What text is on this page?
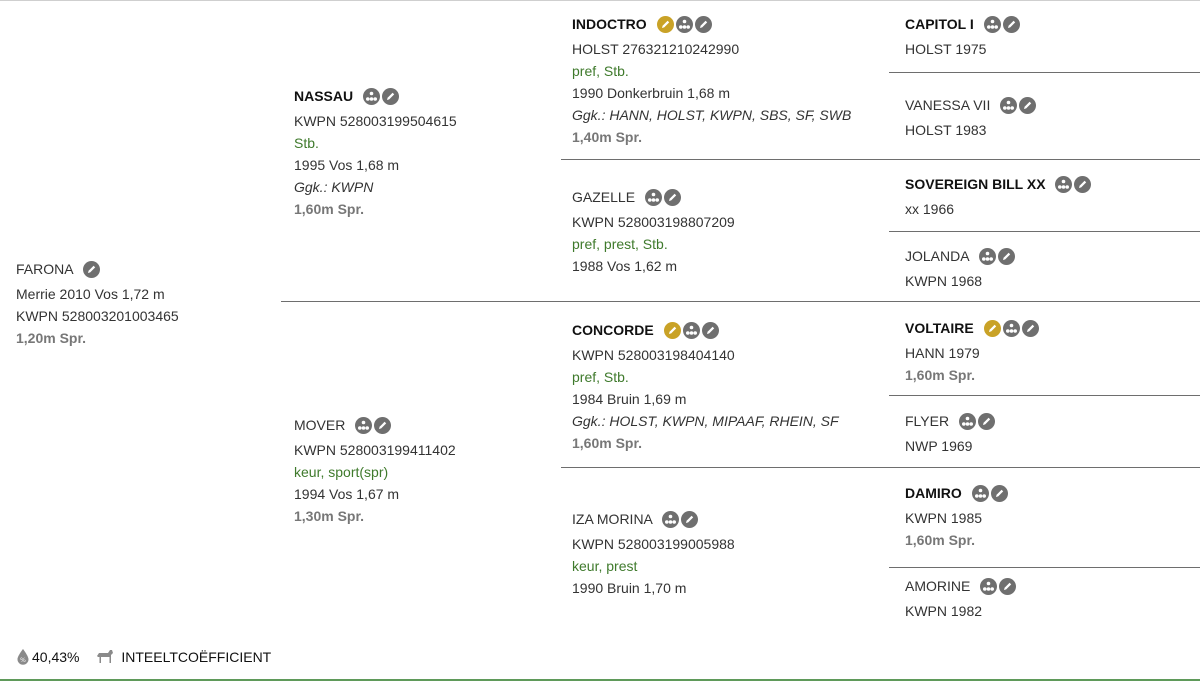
FARONA
Merrie 2010 Vos 1,72 m
KWPN 528003201003465
1,20m Spr.
NASSAU
KWPN 528003199504615
Stb.
1995 Vos 1,68 m
Ggk.: KWPN
1,60m Spr.
MOVER
KWPN 528003199411402
keur, sport(spr)
1994 Vos 1,67 m
1,30m Spr.
INDOCTRO
HOLST 276321210242990
pref, Stb.
1990 Donkerbruin 1,68 m
Ggk.: HANN, HOLST, KWPN, SBS, SF, SWB
1,40m Spr.
GAZELLE
KWPN 528003198807209
pref, prest, Stb.
1988 Vos 1,62 m
CONCORDE
KWPN 528003198404140
pref, Stb.
1984 Bruin 1,69 m
Ggk.: HOLST, KWPN, MIPAAF, RHEIN, SF
1,60m Spr.
IZA MORINA
KWPN 528003199005988
keur, prest
1990 Bruin 1,70 m
CAPITOL I
HOLST 1975
VANESSA VII
HOLST 1983
SOVEREIGN BILL XX
xx 1966
JOLANDA
KWPN 1968
VOLTAIRE
HANN 1979
1,60m Spr.
FLYER
NWP 1969
DAMIRO
KWPN 1985
1,60m Spr.
AMORINE
KWPN 1982
% 40,43%	INTEELTCOËFFICIENT
